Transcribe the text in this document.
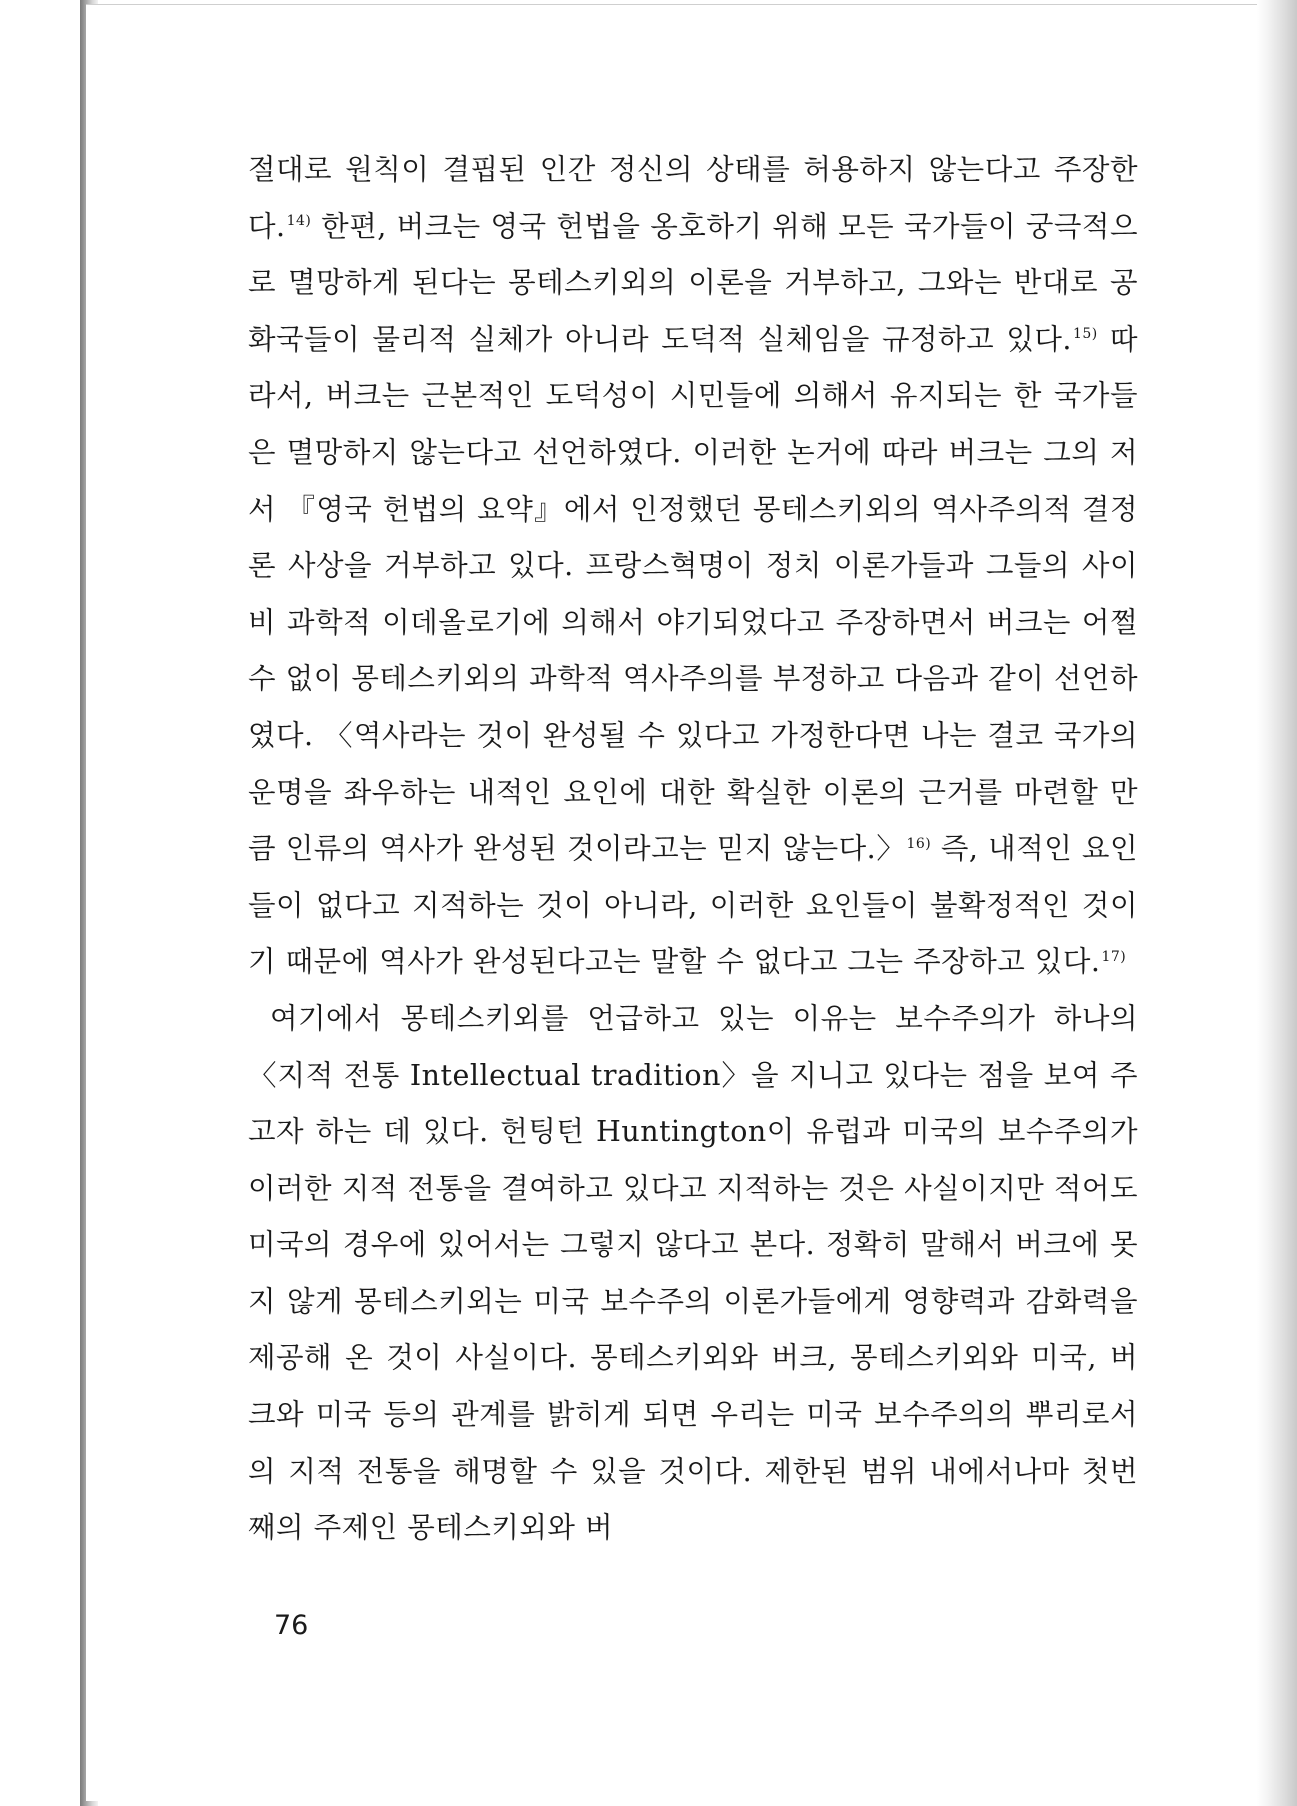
절대로 원칙이 결핍된 인간 정신의 상태를 허용하지 않는다고 주장한다.$^{14)}$ 한편, 버크는 영국 헌법을 옹호하기 위해 모든 국가들이 궁극적으로 멸망하게 된다는 몽테스키외의 이론을 거부하고, 그와는 반대로 공화국들이 물리적 실체가 아니라 도덕적 실체임을 규정하고 있다.$^{15)}$ 따라서, 버크는 근본적인 도덕성이 시민들에 의해서 유지되는 한 국가들은 멸망하지 않는다고 선언하였다. 이러한 논거에 따라 버크는 그의 저서 『영국 헌법의 요약』에서 인정했던 몽테스키외의 역사주의적 결정론 사상을 거부하고 있다. 프랑스혁명이 정치 이론가들과 그들의 사이비 과학적 이데올로기에 의해서 야기되었다고 주장하면서 버크는 어쩔 수 없이 몽테스키외의 과학적 역사주의를 부정하고 다음과 같이 선언하였다. 〈역사라는 것이 완성될 수 있다고 가정한다면 나는 결코 국가의 운명을 좌우하는 내적인 요인에 대한 확실한 이론의 근거를 마련할 만큼 인류의 역사가 완성된 것이라고는 믿지 않는다.〉$^{16)}$ 즉, 내적인 요인들이 없다고 지적하는 것이 아니라, 이러한 요인들이 불확정적인 것이기 때문에 역사가 완성된다고는 말할 수 없다고 그는 주장하고 있다.$^{17)}$

여기에서 몽테스키외를 언급하고 있는 이유는 보수주의가 하나의 〈지적 전통 Intellectual tradition〉을 지니고 있다는 점을 보여 주고자 하는 데 있다. 헌팅턴 Huntington이 유럽과 미국의 보수주의가 이러한 지적 전통을 결여하고 있다고 지적하는 것은 사실이지만 적어도 미국의 경우에 있어서는 그렇지 않다고 본다. 정확히 말해서 버크에 못지 않게 몽테스키외는 미국 보수주의 이론가들에게 영향력과 감화력을 제공해 온 것이 사실이다. 몽테스키외와 버크, 몽테스키외와 미국, 버크와 미국 등의 관계를 밝히게 되면 우리는 미국 보수주의의 뿌리로서의 지적 전통을 해명할 수 있을 것이다. 제한된 범위 내에서나마 첫번째의 주제인 몽테스키외와 버

76
